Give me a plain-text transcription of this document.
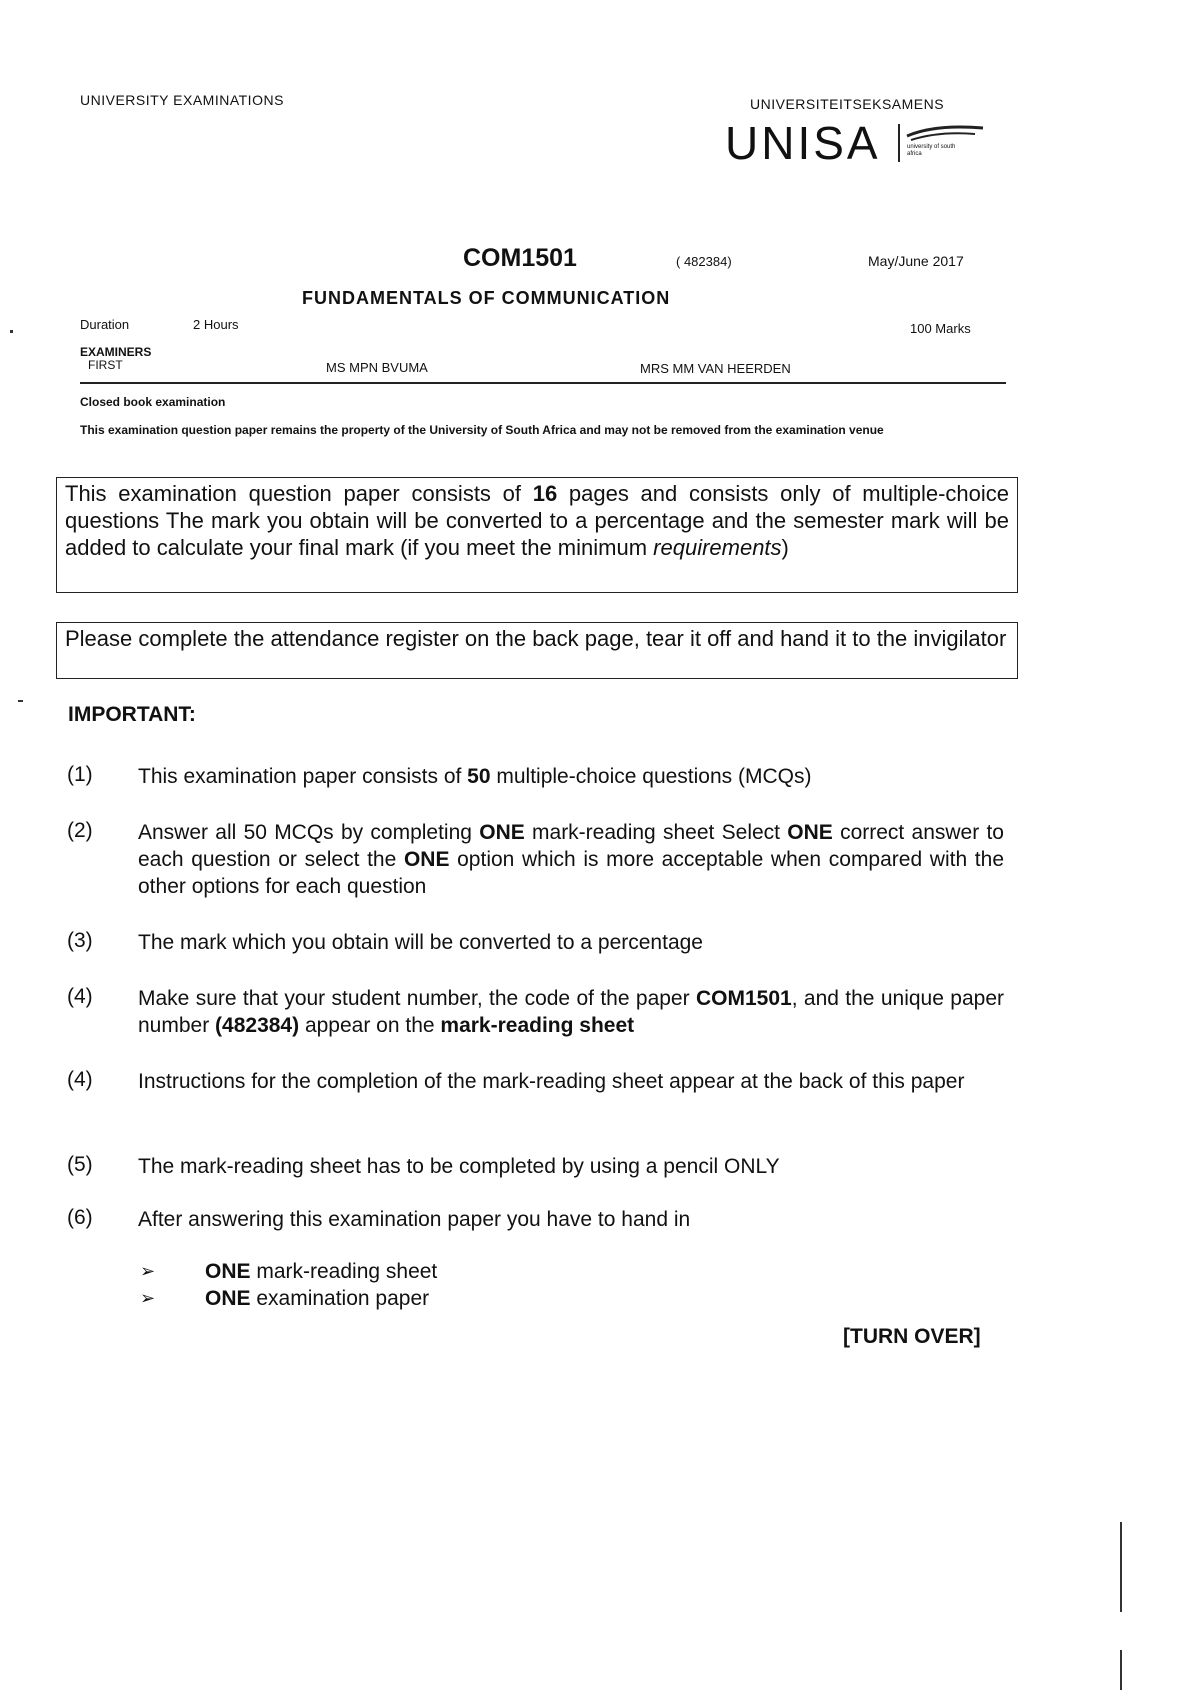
UNIVERSITY EXAMINATIONS	UNIVERSITEITSEKSAMENS
UNISA	university of south africa
COM1501	( 482384)	May/June 2017
FUNDAMENTALS OF COMMUNICATION
Duration	2 Hours	100 Marks
EXAMINERS
FIRST	MS MPN BVUMA	MRS MM VAN HEERDEN
Closed book examination
This examination question paper remains the property of the University of South Africa and may not be removed from the examination venue
This examination question paper consists of 16 pages and consists only of multiple-choice questions The mark you obtain will be converted to a percentage and the semester mark will be added to calculate your final mark (if you meet the minimum requirements)
Please complete the attendance register on the back page, tear it off and hand it to the invigilator
IMPORTANT:
(1) This examination paper consists of 50 multiple-choice questions (MCQs)
(2) Answer all 50 MCQs by completing ONE mark-reading sheet Select ONE correct answer to each question or select the ONE option which is more acceptable when compared with the other options for each question
(3) The mark which you obtain will be converted to a percentage
(4) Make sure that your student number, the code of the paper COM1501, and the unique paper number (482384) appear on the mark-reading sheet
(4) Instructions for the completion of the mark-reading sheet appear at the back of this paper
(5) The mark-reading sheet has to be completed by using a pencil ONLY
(6) After answering this examination paper you have to hand in
➢ ONE mark-reading sheet
➢ ONE examination paper
[TURN OVER]
